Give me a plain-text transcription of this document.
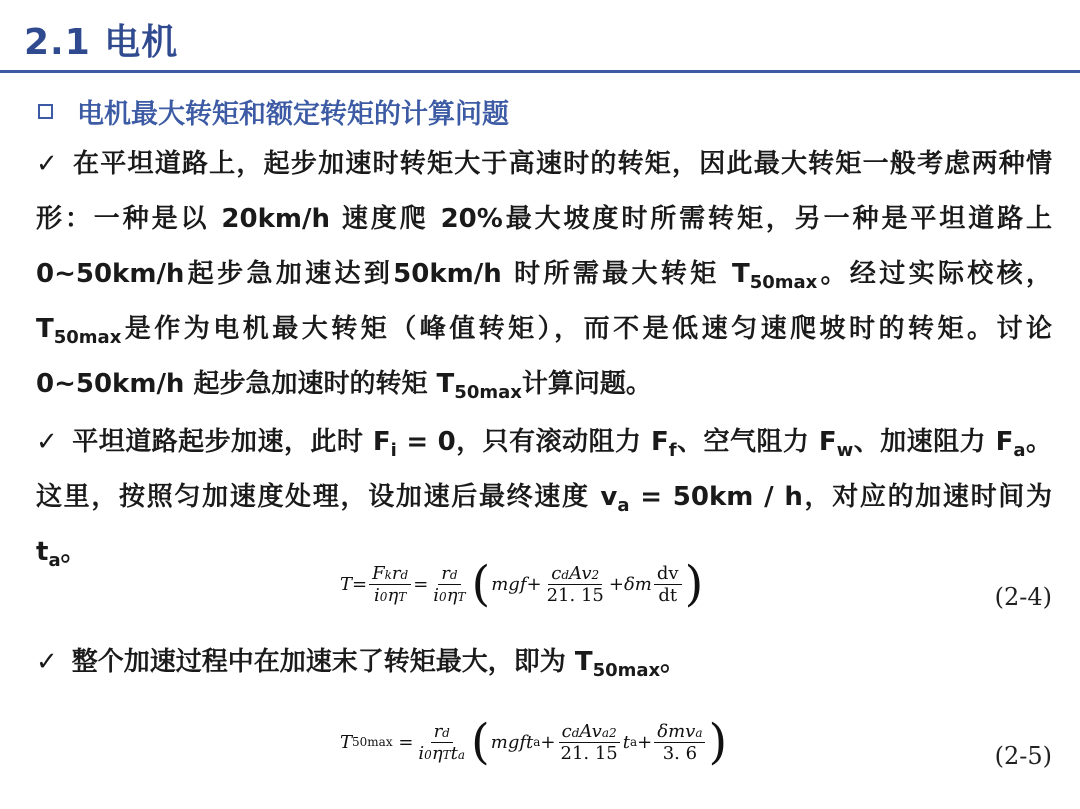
2.1 电机
电机最大转矩和额定转矩的计算问题

✓ 在平坦道路上，起步加速时转矩大于高速时的转矩，因此最大转矩一般考虑两种情形：一种是以 20km/h 速度爬 20%最大坡度时所需转矩，另一种是平坦道路上0~50km/h起步急加速达到50km/h 时所需最大转矩 $T_{50max}$。经过实际校核，$T_{50max}$是作为电机最大转矩（峰值转矩），而不是低速匀速爬坡时的转矩。讨论0~50km/h 起步急加速时的转矩 $T_{50max}$计算问题。

✓ 平坦道路起步加速，此时 $F_i = 0$，只有滚动阻力 $F_f$、空气阻力 $F_w$、加速阻力 $F_a$。这里，按照匀加速度处理，设加速后最终速度 $v_a = 50km / h$，对应的加速时间为 $t_a$。

$T = \frac{\text{Fkrd}}{i0\eta T} = \frac{rd}{i0\eta T}$ ( mgf + $\frac{\text{cdAv2}}{21. 15} +\delta m \frac{dv}{dt}$ )	(2-4)

✓ 整个加速过程中在加速末了转矩最大，即为 $T_{50max}$。

T $50\max = \frac{rd}{\text{i0ηTta}}$ ( mgft $a + \frac{\text{cdAva2}}{21. 15}$ t $a + \frac{\text{δmva}}{3. 6}$ )	(2-5)
